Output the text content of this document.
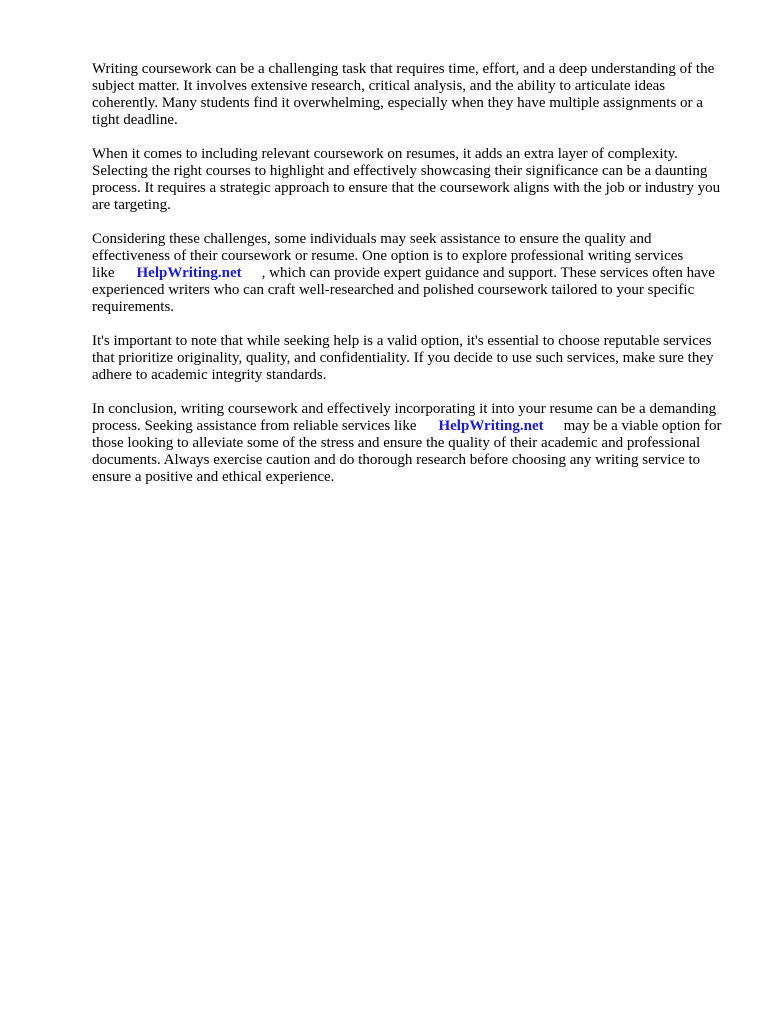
Writing coursework can be a challenging task that requires time, effort, and a deep understanding of the subject matter. It involves extensive research, critical analysis, and the ability to articulate ideas coherently. Many students find it overwhelming, especially when they have multiple assignments or a tight deadline.

When it comes to including relevant coursework on resumes, it adds an extra layer of complexity. Selecting the right courses to highlight and effectively showcasing their significance can be a daunting process. It requires a strategic approach to ensure that the coursework aligns with the job or industry you are targeting.

Considering these challenges, some individuals may seek assistance to ensure the quality and effectiveness of their coursework or resume. One option is to explore professional writing services like HelpWriting.net , which can provide expert guidance and support. These services often have experienced writers who can craft well-researched and polished coursework tailored to your specific requirements.

It's important to note that while seeking help is a valid option, it's essential to choose reputable services that prioritize originality, quality, and confidentiality. If you decide to use such services, make sure they adhere to academic integrity standards.

In conclusion, writing coursework and effectively incorporating it into your resume can be a demanding process. Seeking assistance from reliable services like HelpWriting.net may be a viable option for those looking to alleviate some of the stress and ensure the quality of their academic and professional documents. Always exercise caution and do thorough research before choosing any writing service to ensure a positive and ethical experience.
